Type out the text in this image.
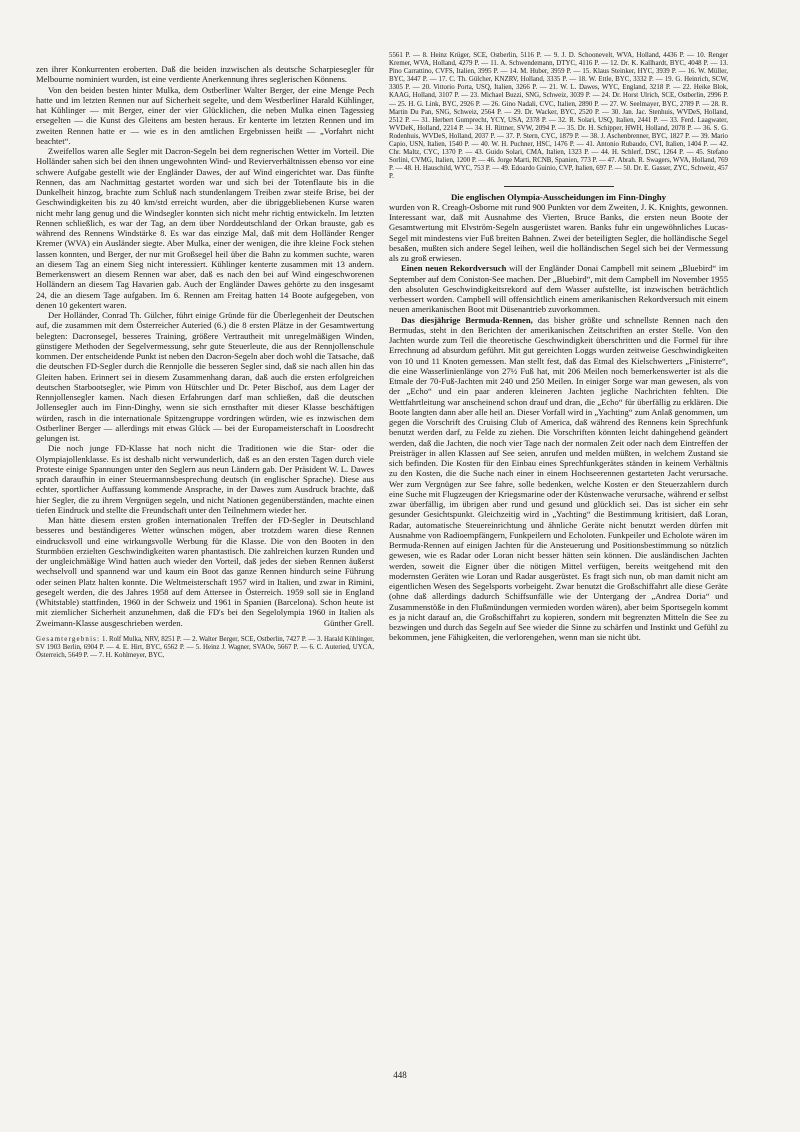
zen ihrer Konkurrenten eroberten. Daß die beiden inzwischen als deutsche Scharpiesegler für Melbourne nominiert wurden, ist eine verdiente Anerkennung ihres seglerischen Könnens.

Von den beiden besten hinter Mulka, dem Ostberliner Walter Berger, der eine Menge Pech hatte und im letzten Rennen nur auf Sicherheit segelte, und dem Westberliner Harald Kühlinger, hat Kühlinger — mit Berger, einer der vier Glücklichen, die neben Mulka einen Tagessieg ersegelten — die Kunst des Gleitens am besten heraus. Er kenterte im letzten Rennen und im zweiten Rennen hatte er — wie es in den amtlichen Ergebnissen heißt — „Vorfahrt nicht beachtet“.

Zweifellos waren alle Segler mit Dacron-Segeln bei dem regnerischen Wetter im Vorteil. Die Holländer sahen sich bei den ihnen ungewohnten Wind- und Revierverhältnissen ebenso vor eine schwere Aufgabe gestellt wie der Engländer Dawes, der auf Wind eingerichtet war. Das fünfte Rennen, das am Nachmittag gestartet worden war und sich bei der Totenflaute bis in die Dunkelheit hinzog, brachte zum Schluß nach stundenlangem Treiben zwar steife Brise, bei der Geschwindigkeiten bis zu 40 km/std erreicht wurden, aber die übriggebliebenen Kurse waren nicht mehr lang genug und die Windsegler konnten sich nicht mehr richtig entwickeln. Im letzten Rennen schließlich, es war der Tag, an dem über Norddeutschland der Orkan brauste, gab es während des Rennens Windstärke 8. Es war das einzige Mal, daß mit dem Holländer Renger Kremer (WVA) ein Ausländer siegte. Aber Mulka, einer der wenigen, die ihre kleine Fock stehen lassen konnten, und Berger, der nur mit Großsegel heil über die Bahn zu kommen suchte, waren an diesem Tag an einem Sieg nicht interessiert. Kühlinger kenterte zusammen mit 13 andern. Bemerkenswert an diesem Rennen war aber, daß es nach den bei auf Wind eingeschworenen Holländern an diesem Tag Havarien gab. Auch der Engländer Dawes gehörte zu den insgesamt 24, die an diesem Tage aufgaben. Im 6. Rennen am Freitag hatten 14 Boote aufgegeben, von denen 10 gekentert waren.

Der Holländer, Conrad Th. Gülcher, führt einige Gründe für die Überlegenheit der Deutschen auf, die zusammen mit dem Österreicher Auteried (6.) die 8 ersten Plätze in der Gesamtwertung belegten: Dacronsegel, besseres Training, größere Vertrautheit mit unregelmäßigen Winden, günstigere Methoden der Segelvermessung, sehr gute Steuerleute, die aus der Rennjollenschule kommen. Der entscheidende Punkt ist neben den Dacron-Segeln aber doch wohl die Tatsache, daß die deutschen FD-Segler durch die Rennjolle die besseren Segler sind, daß sie nach allen hin das Gleiten haben. Erinnert sei in diesem Zusammenhang daran, daß auch die ersten erfolgreichen deutschen Starbootsegler, wie Pimm von Hütschler und Dr. Peter Bischof, aus dem Lager der Rennjollensegler kamen. Nach diesen Erfahrungen darf man schließen, daß die deutschen Jollensegler auch im Finn-Dinghy, wenn sie sich ernsthafter mit dieser Klasse beschäftigen würden, rasch in die internationale Spitzengruppe vordringen würden, wie es inzwischen dem Ostberliner Berger — allerdings mit etwas Glück — bei der Europameisterschaft in Loosdrecht gelungen ist.

Die noch junge FD-Klasse hat noch nicht die Traditionen wie die Star- oder die Olympiajollenklasse. Es ist deshalb nicht verwunderlich, daß es an den ersten Tagen durch viele Proteste einige Spannungen unter den Seglern aus neun Ländern gab. Der Präsident W. L. Dawes sprach daraufhin in einer Steuermannsbesprechung deutsch (in englischer Sprache). Diese aus echter, sportlicher Auffassung kommende Ansprache, in der Dawes zum Ausdruck brachte, daß hier Segler, die zu ihrem Vergnügen segeln, und nicht Nationen gegenüberständen, machte einen tiefen Eindruck und stellte die Freundschaft unter den Teilnehmern wieder her.

Man hätte diesem ersten großen internationalen Treffen der FD-Segler in Deutschland besseres und beständigeres Wetter wünschen mögen, aber trotzdem waren diese Rennen eindrucksvoll und eine wirkungsvolle Werbung für die Klasse. Die von den Booten in den Sturmböen erzielten Geschwindigkeiten waren phantastisch. Die zahlreichen kurzen Runden und der ungleichmäßige Wind hatten auch wieder den Vorteil, daß jedes der sieben Rennen äußerst wechselvoll und spannend war und kaum ein Boot das ganze Rennen hindurch seine Führung oder seinen Platz halten konnte. Die Weltmeisterschaft 1957 wird in Italien, und zwar in Rimini, gesegelt werden, die des Jahres 1958 auf dem Attersee in Österreich. 1959 soll sie in England (Whitstable) stattfinden, 1960 in der Schweiz und 1961 in Spanien (Barcelona). Schon heute ist mit ziemlicher Sicherheit anzunehmen, daß die FD's bei den Segelolympia 1960 in Italien als Zweimann-Klasse ausgeschrieben werden.	Günther Grell.

Gesamtergebnis: 1. Rolf Mulka, NRV, 8251 P. — 2. Walter Berger, SCE, Ostberlin, 7427 P. — 3. Harald Kühlinger, SV 1903 Berlin, 6904 P. — 4. E. Hirt, BYC, 6562 P. — 5. Heinz J. Wagner, SVAOe, 5667 P. — 6. C. Auteried, UYCA, Österreich, 5649 P. — 7. H. Kohlmeyer, BYC,

5561 P. — 8. Heinz Krüger, SCE, Ostberlin, 5116 P. — 9. J. D. Schoonevelt, WVA, Holland, 4436 P. — 10. Renger Kremer, WVA, Holland, 4279 P. — 11. A. Schwendemann, DTYC, 4116 P. — 12. Dr. K. Kallhardt, BYC, 4048 P. — 13. Pino Carrattino, CVFS, Italien, 3995 P. — 14. M. Huber, 3959 P. — 15. Klaus Steinker, HYC, 3939 P. — 16. W. Müller, BYC, 3447 P. — 17. C. Th. Gülcher, KNZRV, Holland, 3335 P. — 18. W. Ettle, BYC, 3332 P. — 19. G. Heinrich, SCW, 3305 P. — 20. Vittorio Porta, USQ, Italien, 3266 P. — 21. W. L. Dawes, WYC, England, 3218 P. — 22. Heike Blok, KAAG, Holland, 3107 P. — 23. Michael Buzzi, SNG, Schweiz, 3039 P. — 24. Dr. Horst Ulrich, SCE, Ostberlin, 2996 P. — 25. H. G. Link, BYC, 2926 P. — 26. Gino Nadali, CVC, Italien, 2890 P. — 27. W. Seelmayer, BYC, 2789 P. — 28. R. Martin Du Pan, SNG, Schweiz, 2564 P. — 29. Dr. Wacker, BYC, 2520 P. — 30. Jan. Jac. Stenhuis, WVDeS, Holland, 2512 P. — 31. Herbert Gumprecht, YCY, USA, 2378 P. — 32. R. Solari, USQ, Italien, 2441 P. — 33. Ferd. Laagwater, WVDeK, Holland, 2214 P. — 34. H. Rittner, SVW, 2094 P. — 35. Dr. H. Schipper, HWH, Holland, 2078 P. — 36. S. G. Rodenhuis, WVDeS, Holland, 2037 P. — 37. P. Stern, CYC, 1879 P. — 38. J. Aschenbrenner, BYC, 1827 P. — 39. Mario Capio, USN, Italien, 1540 P. — 40. W. H. Puchner, HSC, 1476 P. — 41. Antonio Rubaudo, CVI, Italien, 1404 P. — 42. Chr. Maltz, CYC, 1370 P. — 43. Guido Solari, CMA, Italien, 1323 P. — 44. H. Schlerf, DSC, 1264 P. — 45. Stefano Sorlini, CVMG, Italien, 1200 P. — 46. Jorge Marti, RCNB, Spanien, 773 P. — 47. Abrah. R. Swagers, WVA, Holland, 769 P. — 48. H. Hauschild, WYC, 753 P. — 49. Edoardo Guinio, CVP, Italien, 697 P. — 50. Dr. E. Gasser, ZYC, Schweiz, 457 P.

Die englischen Olympia-Ausscheidungen im Finn-Dinghy

wurden von R. Creagh-Osborne mit rund 900 Punkten vor dem Zweiten, J. K. Knights, gewonnen. Interessant war, daß mit Ausnahme des Vierten, Bruce Banks, die ersten neun Boote der Gesamtwertung mit Elvström-Segeln ausgerüstet waren. Banks fuhr ein ungewöhnliches Lucas-Segel mit mindestens vier Fuß breiten Bahnen. Zwei der beteiligten Segler, die holländische Segel besaßen, mußten sich andere Segel leihen, weil die holländischen Segel sich bei der Vermessung als zu groß erwiesen.

Einen neuen Rekordversuch will der Engländer Donai Campbell mit seinem „Bluebird“ im September auf dem Coniston-See machen. Der „Bluebird“, mit dem Campbell im November 1955 den absoluten Geschwindigkeitsrekord auf dem Wasser aufstellte, ist inzwischen beträchtlich verbessert worden. Campbell will offensichtlich einem amerikanischen Rekordversuch mit einem neuen amerikanischen Boot mit Düsenantrieb zuvorkommen.

Das diesjährige Bermuda-Rennen, das bisher größte und schnellste Rennen nach den Bermudas, steht in den Berichten der amerikanischen Zeitschriften an erster Stelle. Von den Jachten wurde zum Teil die theoretische Geschwindigkeit überschritten und die Formel für ihre Errechnung ad absurdum geführt. Mit gut gereichten Loggs wurden zeitweise Geschwindigkeiten von 10 und 11 Knoten gemessen. Man stellt fest, daß das Etmal des Kielschwerters „Finisterre“, die eine Wasserlinienlänge von 27½ Fuß hat, mit 206 Meilen noch bemerkenswerter ist als die Etmale der 70-Fuß-Jachten mit 240 und 250 Meilen. In einiger Sorge war man gewesen, als von der „Echo“ und ein paar anderen kleineren Jachten jegliche Nachrichten fehlten. Die Wettfahrtleitung war anscheinend schon drauf und dran, die „Echo“ für überfällig zu erklären. Die Boote langten dann aber alle heil an. Dieser Vorfall wird in „Yachting“ zum Anlaß genommen, um gegen die Vorschrift des Cruising Club of America, daß während des Rennens kein Sprechfunk benutzt werden darf, zu Felde zu ziehen. Die Vorschriften könnten leicht dahingehend geändert werden, daß die Jachten, die noch vier Tage nach der normalen Zeit oder nach dem Eintreffen der Preisträger in allen Klassen auf See seien, anrufen und melden müßten, in welchem Zustand sie sich befinden. Die Kosten für den Einbau eines Sprechfunkgerätes ständen in keinem Verhältnis zu den Kosten, die die Suche nach einer in einem Hochseerennen gestarteten Jacht verursache. Wer zum Vergnügen zur See fahre, solle bedenken, welche Kosten er den Steuerzahlern durch eine Suche mit Flugzeugen der Kriegsmarine oder der Küstenwache verursache, während er selbst zwar überfällig, im übrigen aber rund und gesund und glücklich sei. Das ist sicher ein sehr gesunder Gesichtspunkt. Gleichzeitig wird in „Yachting“ die Bestimmung kritisiert, daß Loran, Radar, automatische Steuereinrichtung und ähnliche Geräte nicht benutzt werden dürfen mit Ausnahme von Radioempfängern, Funkpeilern und Echoloten. Funkpeiler und Echolote wären im Bermuda-Rennen auf einigen Jachten für die Ansteuerung und Positionsbestimmung so nützlich gewesen, wie es Radar oder Loran nicht besser hätten sein können. Die ausländischen Jachten werden, soweit die Eigner über die nötigen Mittel verfügen, bereits weitgehend mit den modernsten Geräten wie Loran und Radar ausgerüstet. Es fragt sich nun, ob man damit nicht am eigentlichen Wesen des Segelsports vorbeigeht. Zwar benutzt die Großschiffahrt alle diese Geräte (ohne daß allerdings dadurch Schiffsunfälle wie der Untergang der „Andrea Doria“ und Zusammenstöße in den Flußmündungen vermieden worden wären), aber beim Sportsegeln kommt es ja nicht darauf an, die Großschiffahrt zu kopieren, sondern mit begrenzten Mitteln die See zu bezwingen und durch das Segeln auf See wieder die Sinne zu schärfen und Instinkt und Gefühl zu bekommen, jene Fähigkeiten, die verlorengehen, wenn man sie nicht übt.

448
